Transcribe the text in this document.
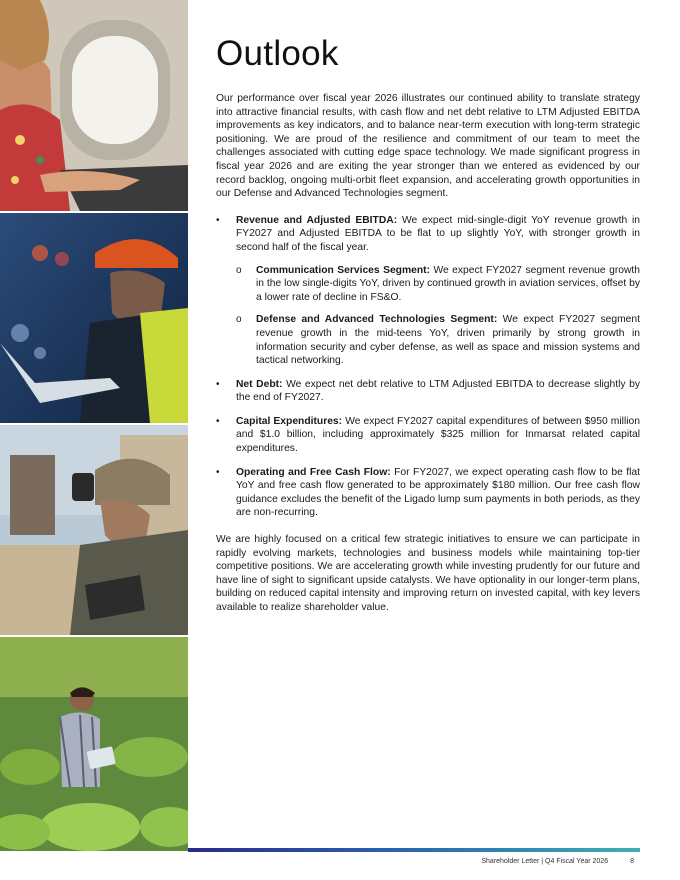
Outlook

Our performance over fiscal year 2026 illustrates our continued ability to translate strategy into attractive financial results, with cash flow and net debt relative to LTM Adjusted EBITDA improvements as key indicators, and to balance near-term execution with long-term strategic positioning. We are proud of the resilience and commitment of our team to meet the challenges associated with cutting edge space technology. We made significant progress in fiscal year 2026 and are exiting the year stronger than we entered as evidenced by our record backlog, ongoing multi-orbit fleet expansion, and accelerating growth opportunities in our Defense and Advanced Technologies segment.

• Revenue and Adjusted EBITDA: We expect mid-single-digit YoY revenue growth in FY2027 and Adjusted EBITDA to be flat to up slightly YoY, with stronger growth in second half of the fiscal year.
o Communication Services Segment: We expect FY2027 segment revenue growth in the low single-digits YoY, driven by continued growth in aviation services, offset by a lower rate of decline in FS&O.
o Defense and Advanced Technologies Segment: We expect FY2027 segment revenue growth in the mid-teens YoY, driven primarily by strong growth in information security and cyber defense, as well as space and mission systems and tactical networking.
• Net Debt: We expect net debt relative to LTM Adjusted EBITDA to decrease slightly by the end of FY2027.
• Capital Expenditures: We expect FY2027 capital expenditures of between $950 million and $1.0 billion, including approximately $325 million for Inmarsat related capital expenditures.
• Operating and Free Cash Flow: For FY2027, we expect operating cash flow to be flat YoY and free cash flow generated to be approximately $180 million. Our free cash flow guidance excludes the benefit of the Ligado lump sum payments in both periods, as they are non-recurring.

We are highly focused on a critical few strategic initiatives to ensure we can participate in rapidly evolving markets, technologies and business models while maintaining top-tier competitive positions. We are accelerating growth while investing prudently for our future and have line of sight to significant upside catalysts. We have optionality in our longer-term plans, building on reduced capital intensity and improving return on invested capital, with key levers available to realize shareholder value.

Shareholder Letter | Q4 Fiscal Year 2026	8
